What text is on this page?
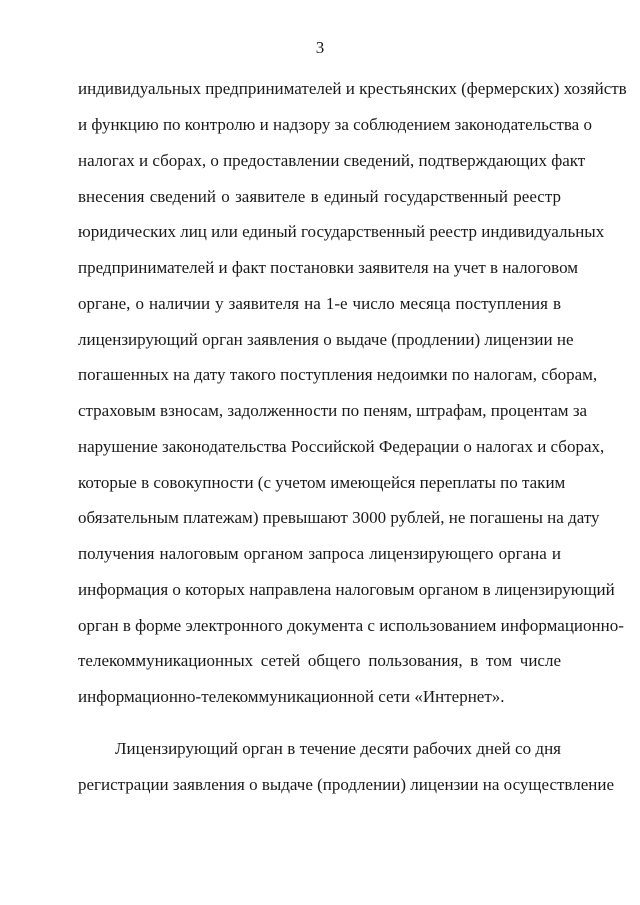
3
индивидуальных предпринимателей и крестьянских (фермерских) хозяйств
и функцию по контролю и надзору за соблюдением законодательства о
налогах и сборах, о предоставлении сведений, подтверждающих факт
внесения сведений о заявителе в единый государственный реестр
юридических лиц или единый государственный реестр индивидуальных
предпринимателей и факт постановки заявителя на учет в налоговом
органе, о наличии у заявителя на 1-е число месяца поступления в
лицензирующий орган заявления о выдаче (продлении) лицензии не
погашенных на дату такого поступления недоимки по налогам, сборам,
страховым взносам, задолженности по пеням, штрафам, процентам за
нарушение законодательства Российской Федерации о налогах и сборах,
которые в совокупности (с учетом имеющейся переплаты по таким
обязательным платежам) превышают 3000 рублей, не погашены на дату
получения налоговым органом запроса лицензирующего органа и
информация о которых направлена налоговым органом в лицензирующий
орган в форме электронного документа с использованием информационно-
телекоммуникационных сетей общего пользования, в том числе
информационно-телекоммуникационной сети «Интернет».
Лицензирующий орган в течение десяти рабочих дней со дня
регистрации заявления о выдаче (продлении) лицензии на осуществление
